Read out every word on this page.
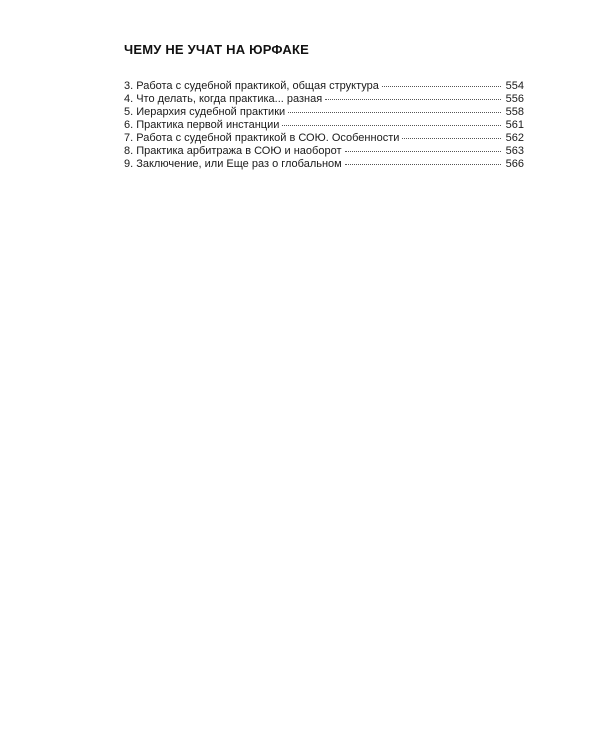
ЧЕМУ НЕ УЧАТ НА ЮРФАКЕ
3. Работа с судебной практикой, общая структура	554
4. Что делать, когда практика... разная	556
5. Иерархия судебной практики	558
6. Практика первой инстанции	561
7. Работа с судебной практикой в СОЮ. Особенности	562
8. Практика арбитража в СОЮ и наоборот	563
9. Заключение, или Еще раз о глобальном	566
